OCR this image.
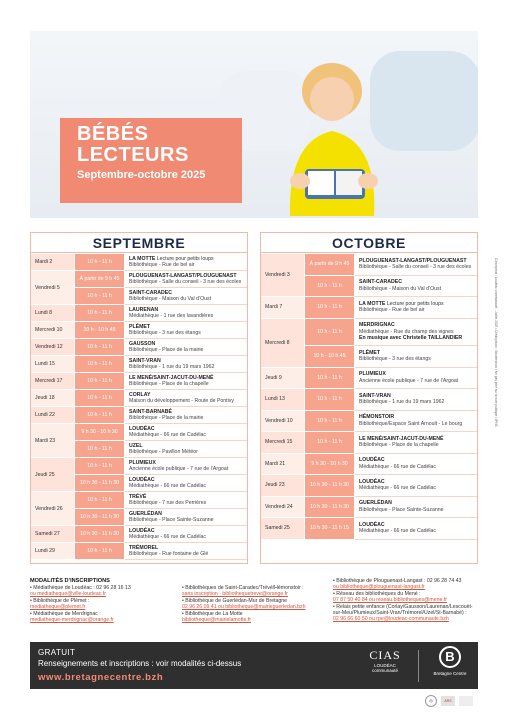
BÉBÉS
LECTEURS
Septembre-octobre 2025
SEPTEMBRE
10 h - 11 h
LA MOTTE Lecture pour petits loups
Bibliothèque - Rue de bel air
À partir de 9 h 45
PLOUGUENAST-LANGAST/PLOUGUENAST
Bibliothèque - Salle du conseil - 3 rue des écoles
10 h - 11 h
SAINT-CARADEC
Bibliothèque - Maison du Val d’Oust
10 h - 11 h
LAURENAN
Médiathèque - 1 rue des lavandières
10 h - 10 h 45
PLÉMET
Bibliothèque - 3 rue des étangs
10 h - 11 h
GAUSSON
Bibliothèque - Place de la mairie
10 h - 11 h
SAINT-VRAN
Bibliothèque - 1 rue du 19 mars 1962
10 h - 11 h
LE MENÉ/SAINT-JACUT-DU-MENÉ
Bibliothèque - Place de la chapelle
10 h - 11 h
CORLAY
Maison du développement - Route de Pontivy
10 h - 11 h
SAINT-BARNABÉ
Bibliothèque - Place de la mairie
9 h 30 - 10 h 30
LOUDÉAC
Médiathèque - 66 rue de Cadélac
10 h - 11 h
UZEL
Bibliothèque - Pavillon Météor
10 h - 11 h
PLUMIEUX
Ancienne école publique - 7 rue de l’Argoat
10 h 30 - 11 h 30
LOUDÉAC
Médiathèque - 66 rue de Cadélac
10 h - 11 h
TRÉVÉ
Bibliothèque - 7 rue des Perrières
10 h 30 - 11 h 30
GUERLÉDAN
Bibliothèque - Place Sainte-Suzanne
10 h 30 - 11 h 30
LOUDÉAC
Médiathèque - 66 rue de Cadélac
10 h - 11 h
TRÉMOREL
Bibliothèque - Rue fontaine de Glé
Mardi 2
Vendredi 5
Lundi 8
Mercredi 10
Vendredi 12
Lundi 15
Mercredi 17
Jeudi 18
Lundi 22
Mardi 23
Jeudi 25
Vendredi 26
Samedi 27
Lundi 29
OCTOBRE
À partir de 9 h 45
PLOUGUENAST-LANGAST/PLOUGUENAST
Bibliothèque - Salle du conseil - 3 rue des écoles
10 h - 11 h
SAINT-CARADEC
Bibliothèque - Maison du Val d’Oust
10 h - 11 h
LA MOTTE Lecture pour petits loups
Bibliothèque - Rue de bel air
10 h - 11 h
MERDRIGNAC
Médiathèque - Rue du champ des vignes
En musique avec Christelle TAILLANDIER
10 h - 10 h 45
PLÉMET
Bibliothèque - 3 rue des étangs
10 h - 11 h
PLUMIEUX
Ancienne école publique - 7 rue de l’Argoat
10 h - 11 h
SAINT-VRAN
Bibliothèque - 1 rue du 19 mars 1962
10 h - 11 h
HÉMONSTOIR
Bibliothèque/Espace Saint Arnoult - Le bourg
10 h - 11 h
LE MENÉ/SAINT-JACUT-DU-MENÉ
Bibliothèque - Place de la chapelle
9 h 30 - 10 h 30
LOUDÉAC
Médiathèque - 66 rue de Cadélac
10 h 30 - 11 h 30
LOUDÉAC
Médiathèque - 66 rue de Cadélac
10 h 30 - 11 h 30
GUERLÉDAN
Bibliothèque - Place Sainte-Suzanne
10 h 30 - 11 h 15
LOUDÉAC
Médiathèque - 66 rue de Cadélac
Vendredi 3
Mardi 7
Mercredi 8
Jeudi 9
Lundi 13
Vendredi 10
Mercredi 15
Mardi 21
Jeudi 23
Vendredi 24
Samedi 25
Conception : Loudéac communauté - Juillet 2025 • Crédit photo : Shutterstock • Ne pas jeter sur la voie publique • IPNS
MODALITÉS D’INSCRIPTIONS
• Médiathèque de Loudéac : 02 96 28 16 13
ou mediatheque@ville-loudeac.fr
• Bibliothèque de Plémet :
mediatheque@plemet.fr
• Médiathèque de Merdrignac :
mediatheque-merdrignac@orange.fr
• Bibliothèques de Saint-Caradec/Trévé/Hémonstoir :
sans inscription - bibliothequetreve@orange.fr
• Bibliothèque de Guerlédan-Mur de Bretagne
02 96 26 09 41 ou bibliotheque@mairieguerledan.bzh
• Bibliothèque de La Motte
bibliotheque@mairielamotte.fr
• Bibliothèque de Plouguenast-Langast : 02 96 28 74 43
ou bibliotheque@plouguenast-langast.fr
• Réseau des bibliothèques du Mené :
07 87 50 40 84 ou reseau.bibliotheques@mene.fr
• Relais petite enfance (Corlay/Gausson/Laurenan/Lescouët-
sur-Meu/Plumieux/Saint-Vran/Trémorel/Uzel/St-Barnabé) :
02 96 66 60 50 ou rpe@loudeac-communaute.bzh
GRATUIT
Renseignements et inscriptions : voir modalités ci-dessus
www.bretagnecentre.bzh
CIAS
LOUDÉAC
communauté
B
Bretagne Centre
◎	ARS
